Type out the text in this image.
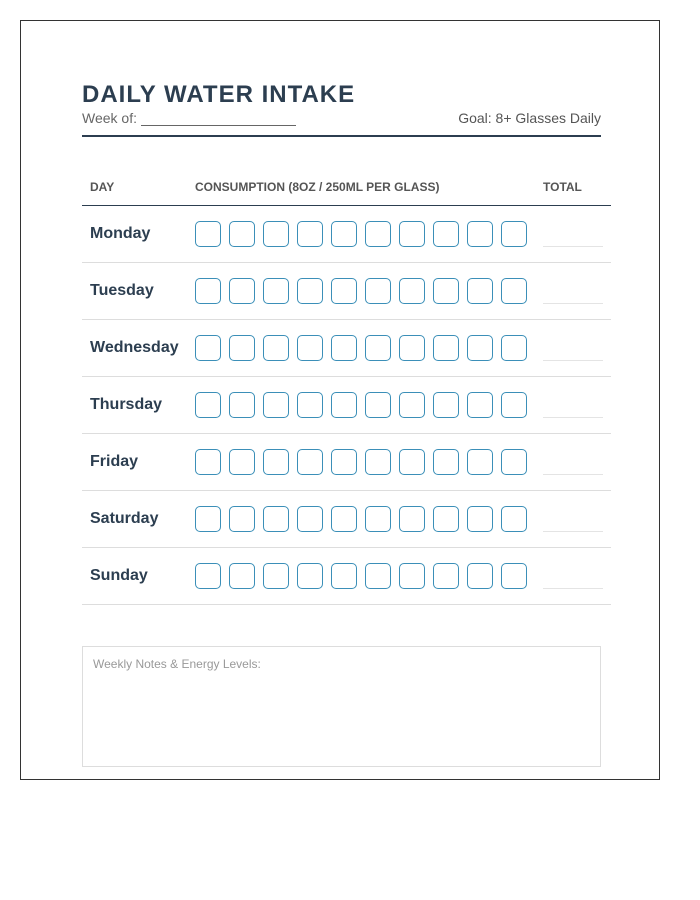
DAILY WATER INTAKE
Week of:	Goal: 8+ Glasses Daily
DAY	CONSUMPTION (8OZ / 250ML PER GLASS)	TOTAL
Monday
Tuesday
Wednesday
Thursday
Friday
Saturday
Sunday
Weekly Notes & Energy Levels:
